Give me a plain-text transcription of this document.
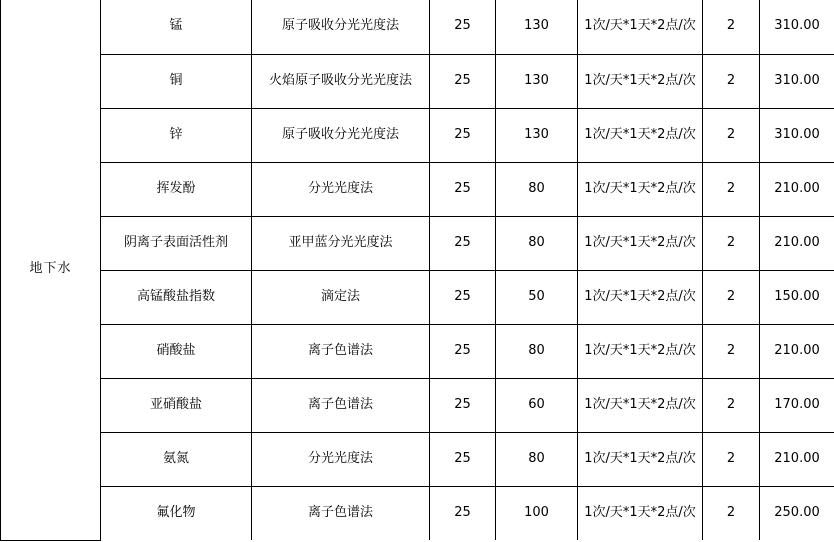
地下水	锰	原子吸收分光光度法	25	130	1次/天*1天*2点/次	2	310.00
	铜	火焰原子吸收分光光度法	25	130	1次/天*1天*2点/次	2	310.00
	锌	原子吸收分光光度法	25	130	1次/天*1天*2点/次	2	310.00
	挥发酚	分光光度法	25	80	1次/天*1天*2点/次	2	210.00
	阴离子表面活性剂	亚甲蓝分光光度法	25	80	1次/天*1天*2点/次	2	210.00
	高锰酸盐指数	滴定法	25	50	1次/天*1天*2点/次	2	150.00
	硝酸盐	离子色谱法	25	80	1次/天*1天*2点/次	2	210.00
	亚硝酸盐	离子色谱法	25	60	1次/天*1天*2点/次	2	170.00
	氨氮	分光光度法	25	80	1次/天*1天*2点/次	2	210.00
	氟化物	离子色谱法	25	100	1次/天*1天*2点/次	2	250.00
